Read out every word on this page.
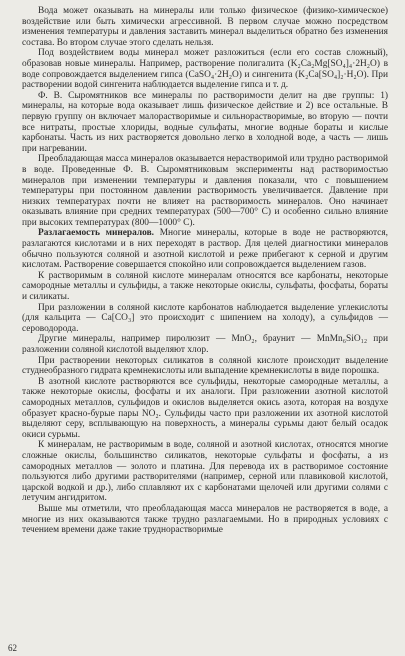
Вода может оказывать на минералы или только физическое (физико-химическое) воздействие или быть химически агрессивной. В первом случае можно посредством изменения температуры и давления заставить минерал выделиться обратно без изменения состава. Во втором случае этого сделать нельзя.

Под воздействием воды минерал может разложиться (если его состав сложный), образовав новые минералы. Например, растворение полигалита (K₂Ca₂Mg[SO₄]₄·2H₂O) в воде сопровождается выделением гипса (CaSO₄·2H₂O) и сингенита (K₂Ca[SO₄]₂·H₂O). При растворении водой сингенита наблюдается выделение гипса и т. д.

Ф. В. Сыромятников все минералы по растворимости делит на две группы: 1) минералы, на которые вода оказывает лишь физическое действие и 2) все остальные. В первую группу он включает малорастворимые и сильнорастворимые, во вторую — почти все нитраты, простые хлориды, водные сульфаты, многие водные бораты и кислые карбонаты. Часть из них растворяется довольно легко в холодной воде, а часть — лишь при нагревании.

Преобладающая масса минералов оказывается нерастворимой или трудно растворимой в воде. Проведенные Ф. В. Сыромятниковым эксперименты над растворимостью минералов при изменении температуры и давления показали, что с повышением температуры при постоянном давлении растворимость увеличивается. Давление при низких температурах почти не влияет на растворимость минералов. Оно начинает оказывать влияние при средних температурах (500—700° C) и особенно сильно влияние при высоких температурах (800—1000° C).

Разлагаемость минералов. Многие минералы, которые в воде не растворяются, разлагаются кислотами и в них переходят в раствор. Для целей диагностики минералов обычно пользуются соляной и азотной кислотой и реже прибегают к серной и другим кислотам. Растворение совершается спокойно или сопровождается выделением газов.

К растворимым в соляной кислоте минералам относятся все карбонаты, некоторые самородные металлы и сульфиды, а также некоторые окислы, сульфаты, фосфаты, бораты и силикаты.

При разложении в соляной кислоте карбонатов наблюдается выделение углекислоты (для кальцита — Ca[CO₃] это происходит с шипением на холоду), а сульфидов — сероводорода.

Другие минералы, например пиролюзит — MnO₂, браунит — MnMn₆SiO₁₂ при разложении соляной кислотой выделяют хлор.

При растворении некоторых силикатов в соляной кислоте происходит выделение студнеобразного гидрата кремнекислоты или выпадение кремнекислоты в виде порошка.

В азотной кислоте растворяются все сульфиды, некоторые самородные металлы, а также некоторые окислы, фосфаты и их аналоги. При разложении азотной кислотой самородных металлов, сульфидов и окислов выделяется окись азота, которая на воздухе образует красно-бурые пары NO₂. Сульфиды часто при разложении их азотной кислотой выделяют серу, всплывающую на поверхность, а минералы сурьмы дают белый осадок окиси сурьмы.

К минералам, не растворимым в воде, соляной и азотной кислотах, относятся многие сложные окислы, большинство силикатов, некоторые сульфаты и фосфаты, а из самородных металлов — золото и платина. Для перевода их в растворимое состояние пользуются либо другими растворителями (например, серной или плавиковой кислотой, царской водкой и др.), либо сплавляют их с карбонатами щелочей или другими солями с летучим ангидритом.

Выше мы отметили, что преобладающая масса минералов не растворяется в воде, а многие из них оказываются также трудно разлагаемыми. Но в природных условиях с течением времени даже такие труднорастворимые

62
